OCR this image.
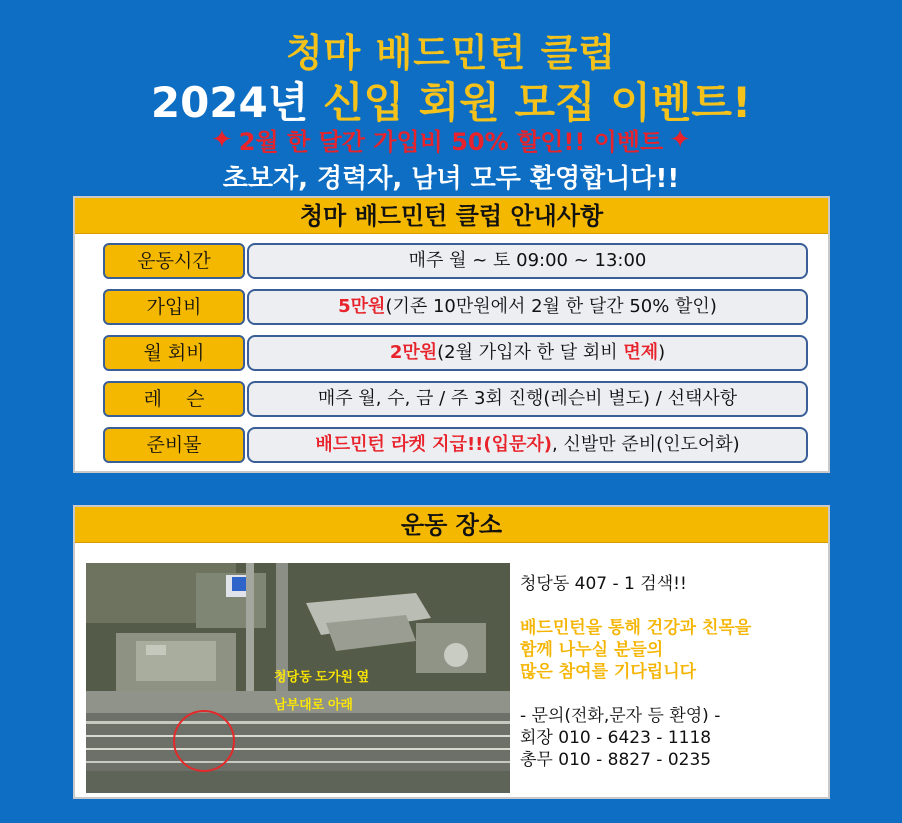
청마 배드민턴 클럽
2024년 신입 회원 모집 이벤트!
✦ 2월 한 달간 가입비 50% 할인!! 이벤트 ✦
초보자, 경력자, 남녀 모두 환영합니다!!
청마 배드민턴 클럽 안내사항
운동시간	매주 월 ~ 토 09:00 ~ 13:00
가입비	5만원(기존 10만원에서 2월 한 달간 50% 할인)
월 회비	2만원(2월 가입자 한 달 회비 면제)
레    슨	매주 월, 수, 금 / 주 3회 진행(레슨비 별도) / 선택사항
준비물	배드민턴 라켓 지급!!(입문자), 신발만 준비(인도어화)
운동 장소
청당동 도가원 옆
남부대로 아래
청당동 407 - 1 검색!!
배드민턴을 통해 건강과 친목을
함께 나누실 분들의
많은 참여를 기다립니다
- 문의(전화,문자 등 환영) -
회장 010 - 6423 - 1118
총무 010 - 8827 - 0235
